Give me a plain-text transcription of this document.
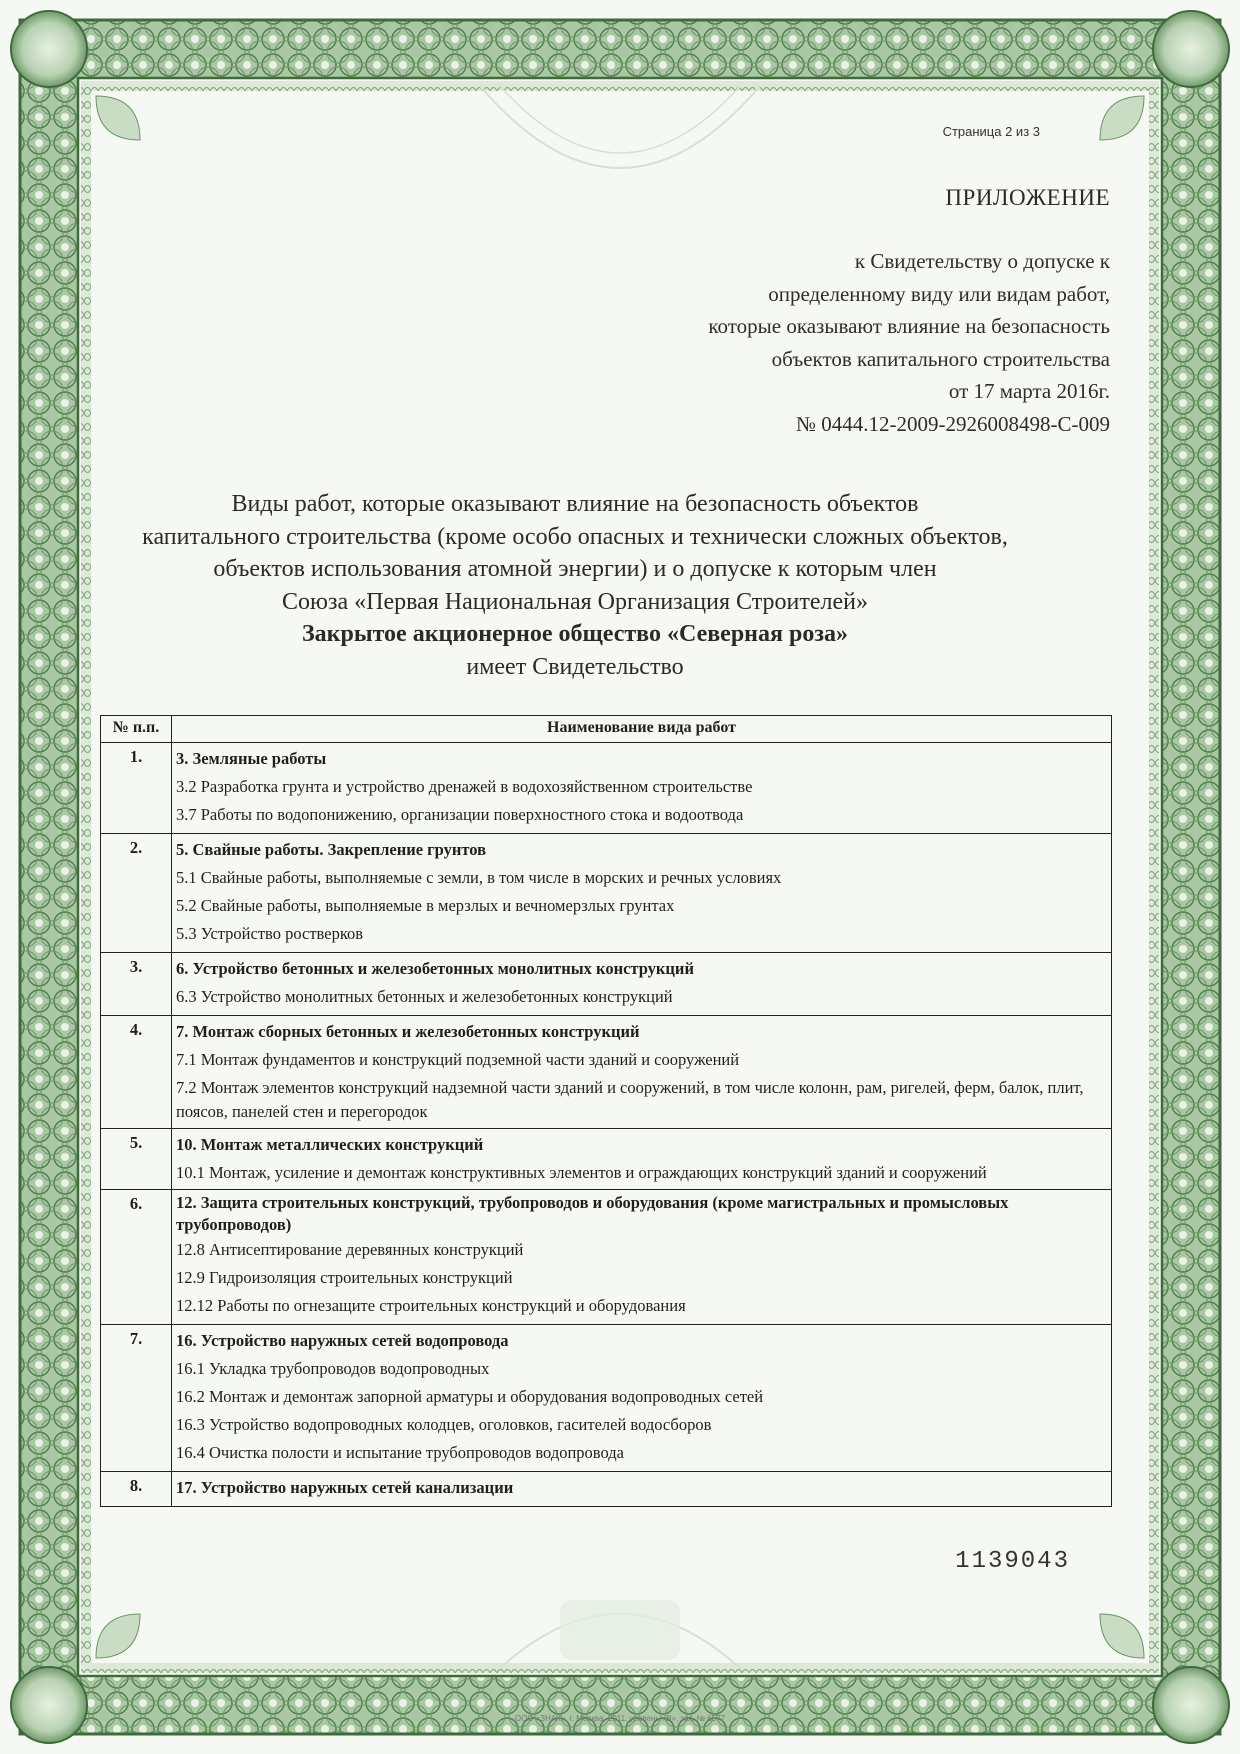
Страница 2 из 3
ПРИЛОЖЕНИЕ
к Свидетельству о допуске к
определенному виду или видам работ,
которые оказывают влияние на безопасность
объектов капитального строительства
от 17 марта 2016г.
№ 0444.12-2009-2926008498-С-009
Виды работ, которые оказывают влияние на безопасность объектов
капитального строительства (кроме особо опасных и технически сложных объектов,
объектов использования атомной энергии) и о допуске к которым член
Союза «Первая Национальная Организация Строителей»
Закрытое акционерное общество «Северная роза»
имеет Свидетельство
№ п.п.	Наименование вида работ
1.	3. Земляные работы
3.2 Разработка грунта и устройство дренажей в водохозяйственном строительстве
3.7 Работы по водопонижению, организации поверхностного стока и водоотвода

2.	5. Свайные работы. Закрепление грунтов
5.1 Свайные работы, выполняемые с земли, в том числе в морских и речных условиях
5.2 Свайные работы, выполняемые в мерзлых и вечномерзлых грунтах
5.3 Устройство ростверков

3.	6. Устройство бетонных и железобетонных монолитных конструкций
6.3 Устройство монолитных бетонных и железобетонных конструкций

4.	7. Монтаж сборных бетонных и железобетонных конструкций
7.1 Монтаж фундаментов и конструкций подземной части зданий и сооружений
7.2 Монтаж элементов конструкций надземной части зданий и сооружений, в том числе колонн, рам, ригелей, ферм, балок, плит, поясов, панелей стен и перегородок

5.	10. Монтаж металлических конструкций
10.1 Монтаж, усиление и демонтаж конструктивных элементов и ограждающих конструкций зданий и сооружений

6.	12. Защита строительных конструкций, трубопроводов и оборудования (кроме магистральных и промысловых трубопроводов)
12.8 Антисептирование деревянных конструкций
12.9 Гидроизоляция строительных конструкций
12.12 Работы по огнезащите строительных конструкций и оборудования

7.	16. Устройство наружных сетей водопровода
16.1 Укладка трубопроводов водопроводных
16.2 Монтаж и демонтаж запорной арматуры и оборудования водопроводных сетей
16.3 Устройство водопроводных колодцев, оголовков, гасителей водосборов
16.4 Очистка полости и испытание трубопроводов водопровода

8.	17. Устройство наружных сетей канализации
1139043
ООО «ЗНАК», г. Москва, 2011, уровень «В», зак. № 6577
